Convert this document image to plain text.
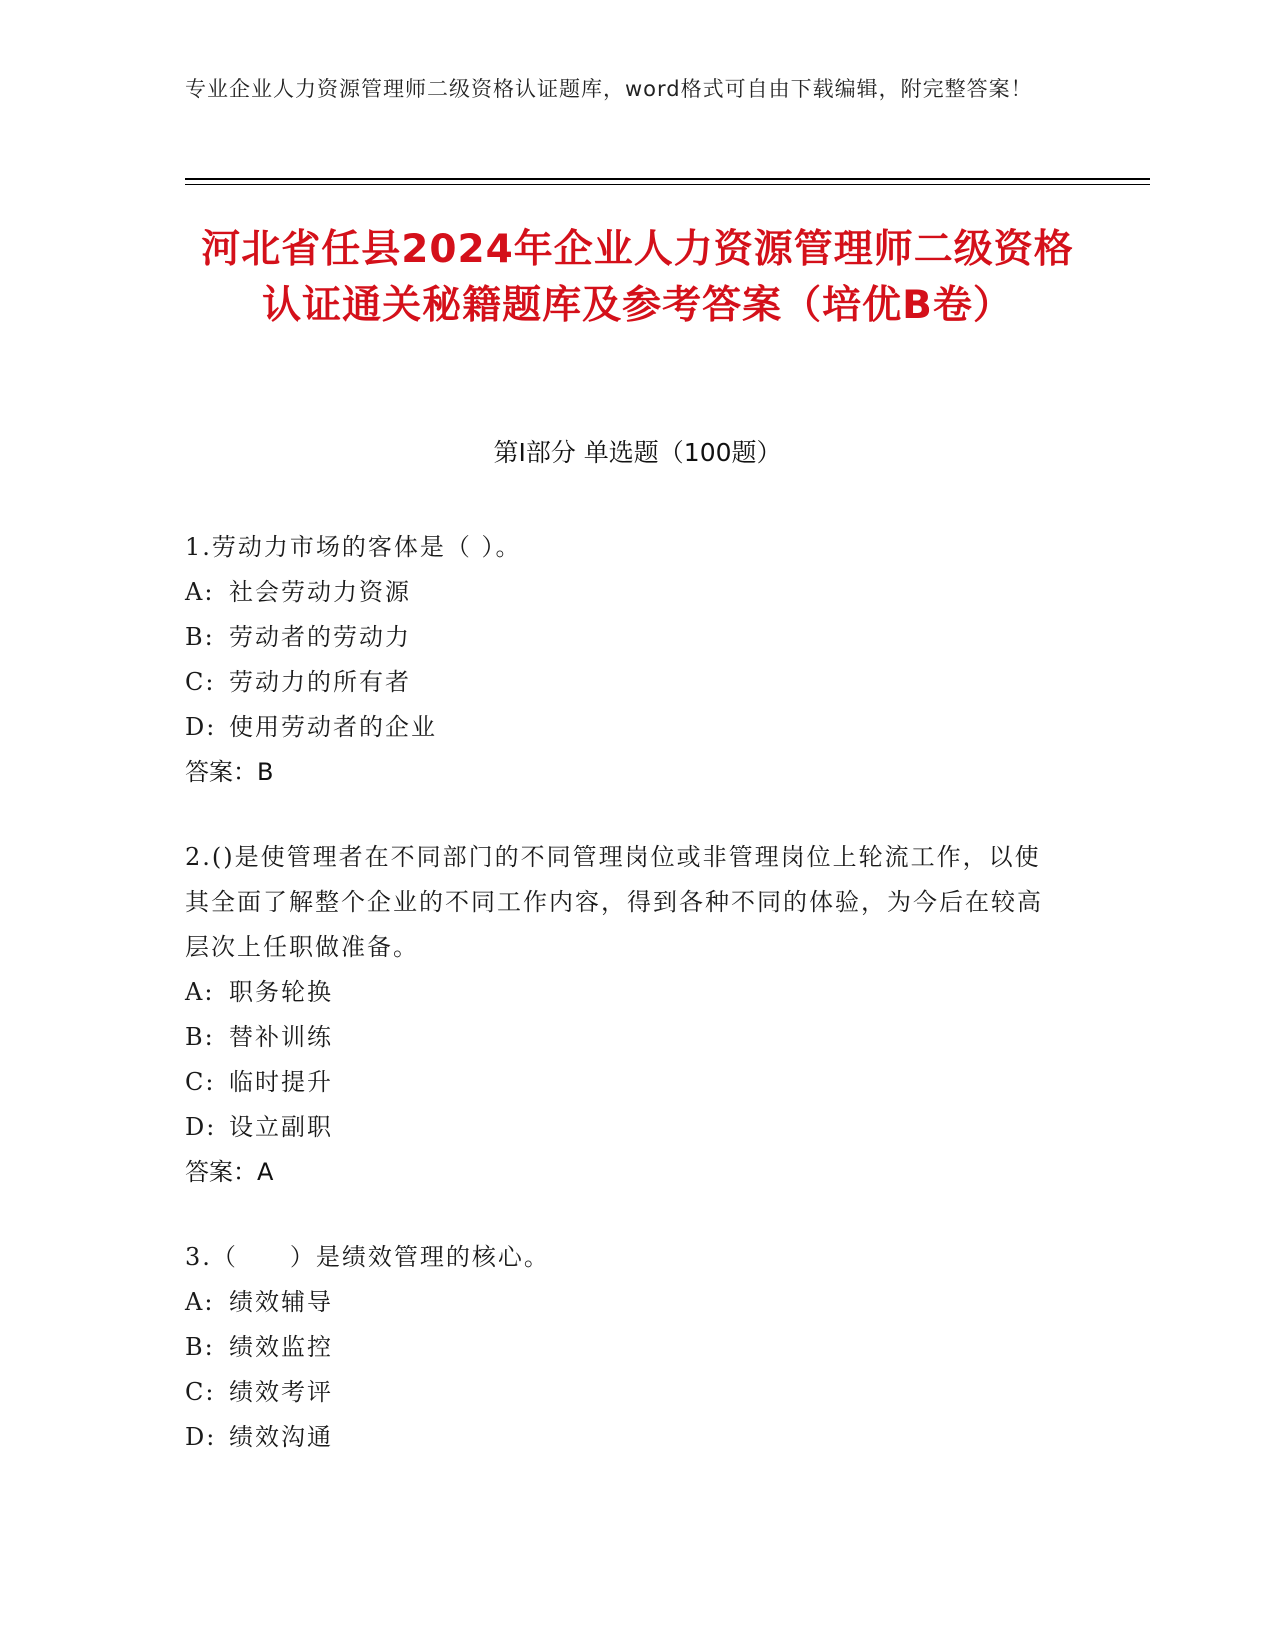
专业企业人力资源管理师二级资格认证题库，word格式可自由下载编辑，附完整答案！
河北省任县2024年企业人力资源管理师二级资格认证通关秘籍题库及参考答案（培优B卷）
第I部分 单选题（100题）
1.劳动力市场的客体是（ ）。
A: 社会劳动力资源
B: 劳动者的劳动力
C: 劳动力的所有者
D: 使用劳动者的企业
答案：B
2.()是使管理者在不同部门的不同管理岗位或非管理岗位上轮流工作，以使其全面了解整个企业的不同工作内容，得到各种不同的体验，为今后在较高层次上任职做准备。
A: 职务轮换
B: 替补训练
C: 临时提升
D: 设立副职
答案：A
3.（　　）是绩效管理的核心。
A: 绩效辅导
B: 绩效监控
C: 绩效考评
D: 绩效沟通
